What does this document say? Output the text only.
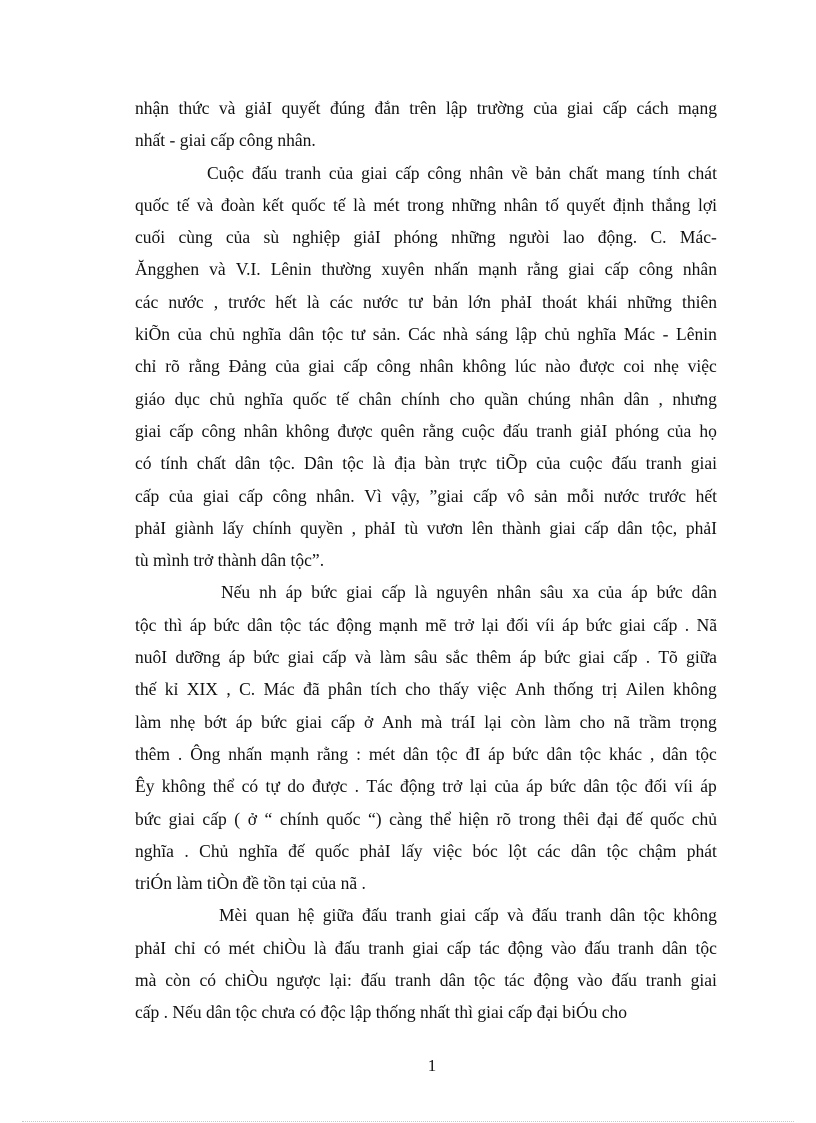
nhận thức và giảI quyết đúng đắn trên lập trường của giai cấp cách mạng
nhất - giai cấp công nhân.
Cuộc đấu tranh của giai cấp công nhân về bản chất mang tính chát
quốc tế và đoàn kết quốc tế là mét trong những nhân tố quyết định thắng lợi
cuối cùng của sù nghiệp giảI phóng những ngưòi lao động. C. Mác-
Ăngghen và V.I. Lênin thường xuyên nhấn mạnh rằng giai cấp công nhân
các nước , trước hết là các nước tư bản lớn phảI thoát khái những thiên
kiÕn của chủ nghĩa dân tộc tư sản. Các nhà sáng lập chủ nghĩa Mác - Lênin
chỉ rõ rằng Đảng của giai cấp công nhân không lúc nào được coi nhẹ việc
giáo dục chủ nghĩa quốc tế chân chính cho quần chúng nhân dân , nhưng
giai cấp công nhân không được quên rằng cuộc đấu tranh giảI phóng của họ
có tính chất dân tộc. Dân tộc là địa bàn trực tiÕp của cuộc đấu tranh giai
cấp của giai cấp công nhân. Vì vậy, ”giai cấp vô sản mỗi nước trước hết
phảI giành lấy chính quyền , phảI tù vươn lên thành giai cấp dân tộc, phảI
tù mình trở thành dân tộc”.
Nếu nh áp bức giai cấp là nguyên nhân sâu xa của áp bức dân
tộc thì áp bức dân tộc tác động mạnh mẽ trở lại đối víi áp bức giai cấp . Nã
nuôI dưỡng áp bức giai cấp và làm sâu sắc thêm áp bức giai cấp . Tõ giữa
thế kỉ XIX , C. Mác đã phân tích cho thấy việc Anh thống trị Ailen không
làm nhẹ bớt áp bức giai cấp ở Anh mà tráI lại còn làm cho nã trầm trọng
thêm . Ông nhấn mạnh rằng : mét dân tộc đI áp bức dân tộc khác , dân tộc
Êy không thể có tự do được . Tác động trở lại của áp bức dân tộc đối víi áp
bức giai cấp ( ở “ chính quốc “) càng thể hiện rõ trong thêi đại đế quốc chủ
nghĩa . Chủ nghĩa đế quốc phảI lấy việc bóc lột các dân tộc chậm phát
triÓn làm tiÒn đề tồn tại của nã .
Mèi quan hệ giữa đấu tranh giai cấp và đấu tranh dân tộc không
phảI chỉ có mét chiÒu là đấu tranh giai cấp tác động vào đấu tranh dân tộc
mà còn có chiÒu ngược lại: đấu tranh dân tộc tác động vào đấu tranh giai
cấp . Nếu dân tộc chưa có độc lập thống nhất thì giai cấp đại biÓu cho
1
